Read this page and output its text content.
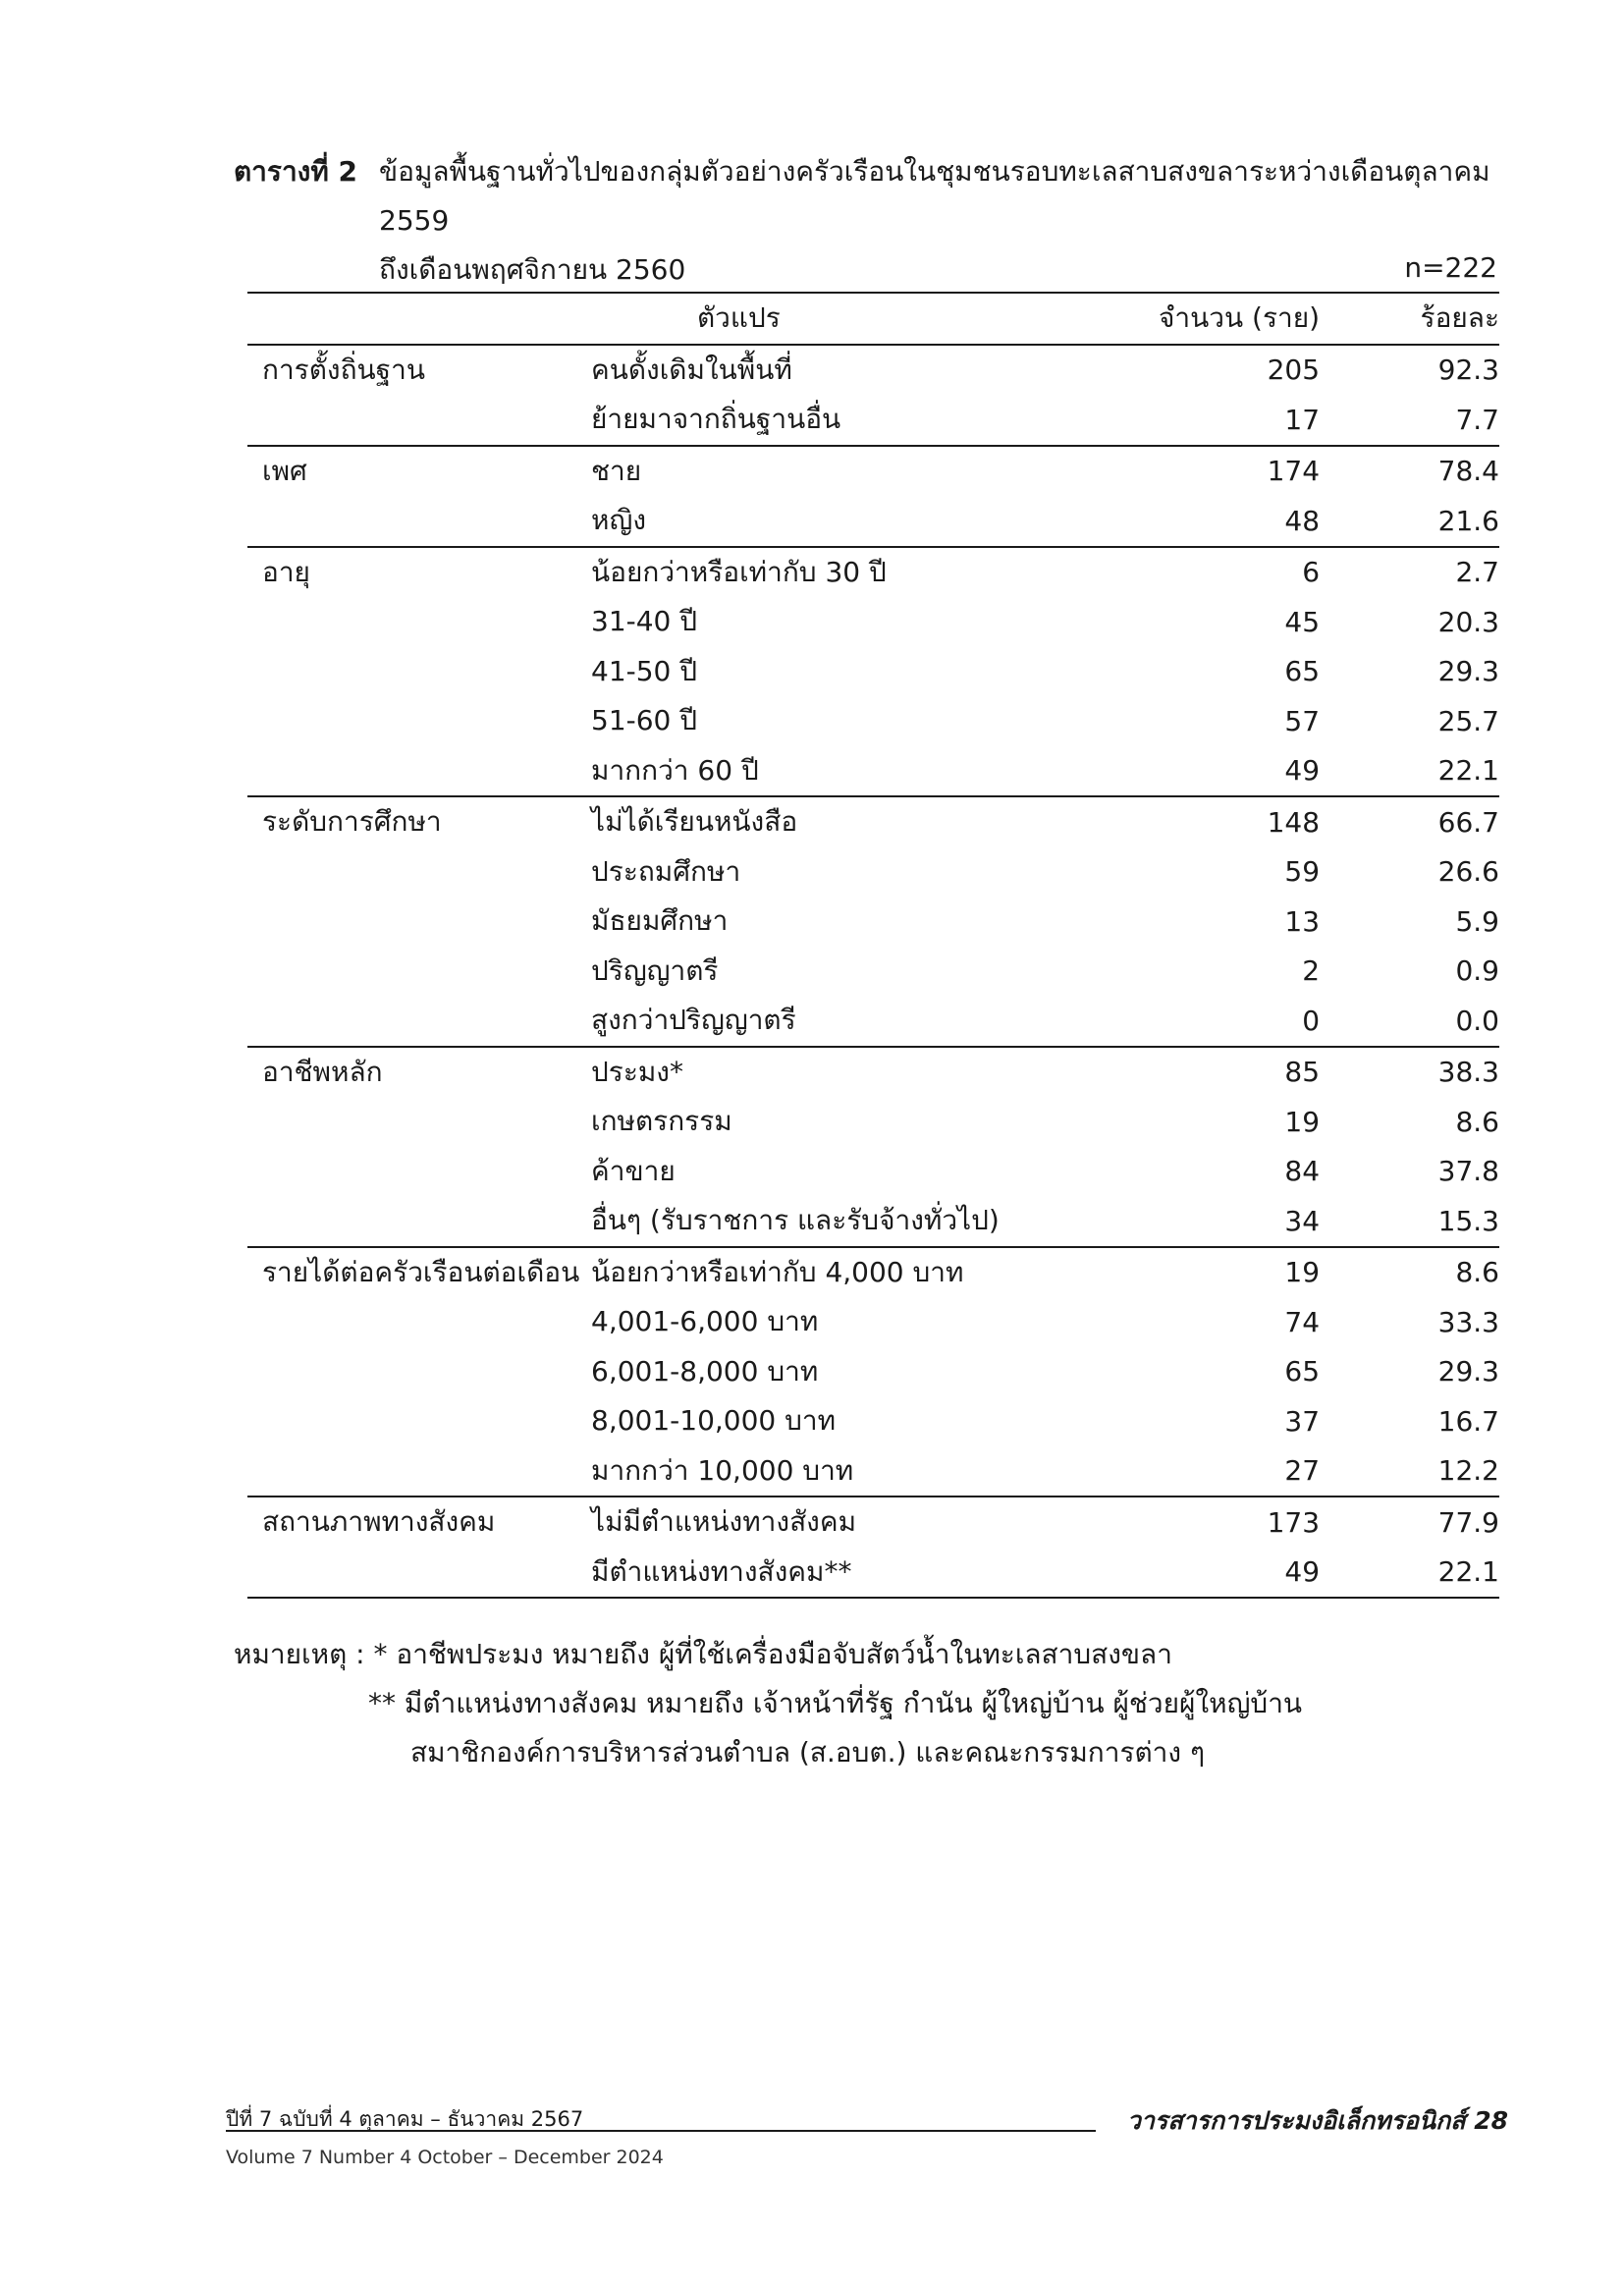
ตารางที่ 2 ข้อมูลพื้นฐานทั่วไปของกลุ่มตัวอย่างครัวเรือนในชุมชนรอบทะเลสาบสงขลาระหว่างเดือนตุลาคม 2559
ถึงเดือนพฤศจิกายน 2560	n=222
	ตัวแปร	จำนวน (ราย)	ร้อยละ
การตั้งถิ่นฐาน	คนดั้งเดิมในพื้นที่	205	92.3
	ย้ายมาจากถิ่นฐานอื่น	17	7.7
เพศ	ชาย	174	78.4
	หญิง	48	21.6
อายุ	น้อยกว่าหรือเท่ากับ 30 ปี	6	2.7
	31-40 ปี	45	20.3
	41-50 ปี	65	29.3
	51-60 ปี	57	25.7
	มากกว่า 60 ปี	49	22.1
ระดับการศึกษา	ไม่ได้เรียนหนังสือ	148	66.7
	ประถมศึกษา	59	26.6
	มัธยมศึกษา	13	5.9
	ปริญญาตรี	2	0.9
	สูงกว่าปริญญาตรี	0	0.0
อาชีพหลัก	ประมง*	85	38.3
	เกษตรกรรม	19	8.6
	ค้าขาย	84	37.8
	อื่นๆ (รับราชการ และรับจ้างทั่วไป)	34	15.3
รายได้ต่อครัวเรือนต่อเดือน	น้อยกว่าหรือเท่ากับ 4,000 บาท	19	8.6
	4,001-6,000 บาท	74	33.3
	6,001-8,000 บาท	65	29.3
	8,001-10,000 บาท	37	16.7
	มากกว่า 10,000 บาท	27	12.2
สถานภาพทางสังคม	ไม่มีตำแหน่งทางสังคม	173	77.9
	มีตำแหน่งทางสังคม**	49	22.1
หมายเหตุ : * อาชีพประมง หมายถึง ผู้ที่ใช้เครื่องมือจับสัตว์น้ำในทะเลสาบสงขลา
** มีตำแหน่งทางสังคม หมายถึง เจ้าหน้าที่รัฐ กำนัน ผู้ใหญ่บ้าน ผู้ช่วยผู้ใหญ่บ้าน
สมาชิกองค์การบริหารส่วนตำบล (ส.อบต.) และคณะกรรมการต่าง ๆ
ปีที่ 7 ฉบับที่ 4 ตุลาคม – ธันวาคม 2567	วารสารการประมงอิเล็กทรอนิกส์ 28
Volume 7 Number 4 October – December 2024
